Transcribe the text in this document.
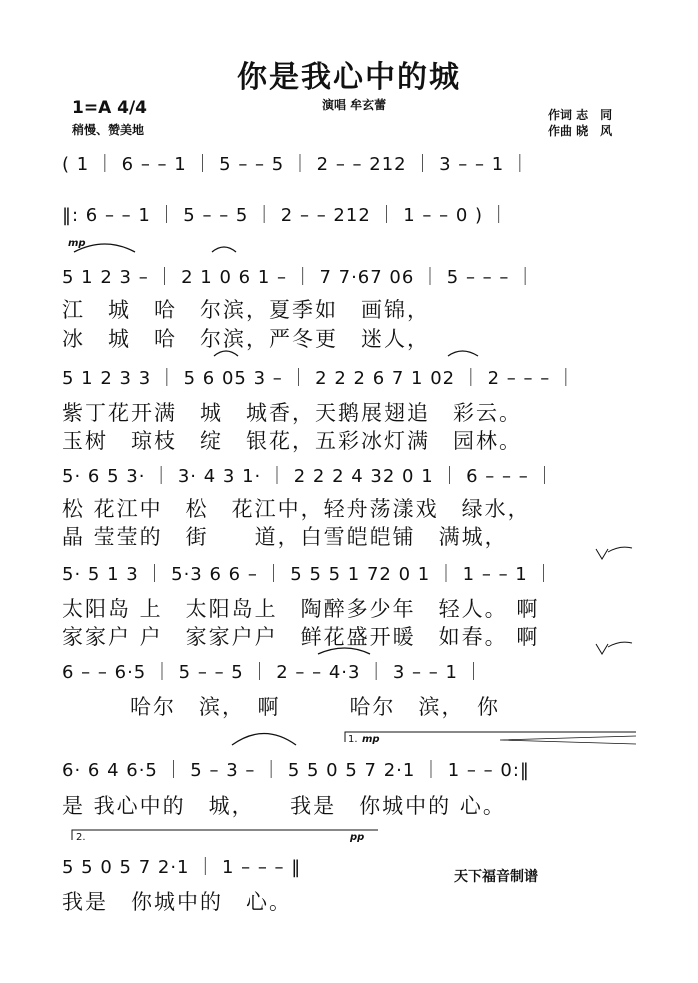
你是我心中的城
1=A 4/4
稍慢、赞美地
演唱 牟玄蕾
作词 志　同
作曲 晓　风
mp
1. mp
2.	pp
( 1 ｜ 6 – – 1 ｜ 5 – – 5 ｜ 2 – – 212 ｜ 3 – – 1 ｜
‖: 6 – – 1 ｜ 5 – – 5 ｜ 2 – – 212 ｜ 1 – – 0 ) ｜
5 1 2 3 – ｜ 2 1 0 6 1 – ｜ 7 7·67 06 ｜ 5 – – – ｜
江　城　哈　尔滨，夏季如　画锦，
冰　城　哈　尔滨，严冬更　迷人，
5 1 2 3 3 ｜ 5 6 05 3 – ｜ 2 2 2 6 7 1 02 ｜ 2 – – – ｜
紫丁花开满　城　城香，天鹅展翅追　彩云。
玉树　琼枝　绽　银花，五彩冰灯满　园林。
5· 6 5 3· ｜ 3· 4 3 1· ｜ 2 2 2 4 32 0 1 ｜ 6 – – – ｜
松 花江中　松　花江中，轻舟荡漾戏　绿水，
晶 莹莹的　街　　道，白雪皑皑铺　满城，
5· 5 1 3 ｜ 5·3 6 6 – ｜ 5 5 5 1 72 0 1 ｜ 1 – – 1 ｜
太阳岛 上　太阳岛上　陶醉多少年　轻人。 啊
家家户 户　家家户户　鲜花盛开暖　如春。 啊
6 – – 6·5 ｜ 5 – – 5 ｜ 2 – – 4·3 ｜ 3 – – 1 ｜
哈尔　滨，　啊　　　哈尔　滨，　你
6· 6 4 6·5 ｜ 5 – 3 – ｜ 5 5 0 5 7 2·1 ｜ 1 – – 0:‖
是 我心中的　城，　　我是　你城中的 心。
5 5 0 5 7 2·1 ｜ 1 – – – ‖
我是　你城中的　心。
天下福音制谱
